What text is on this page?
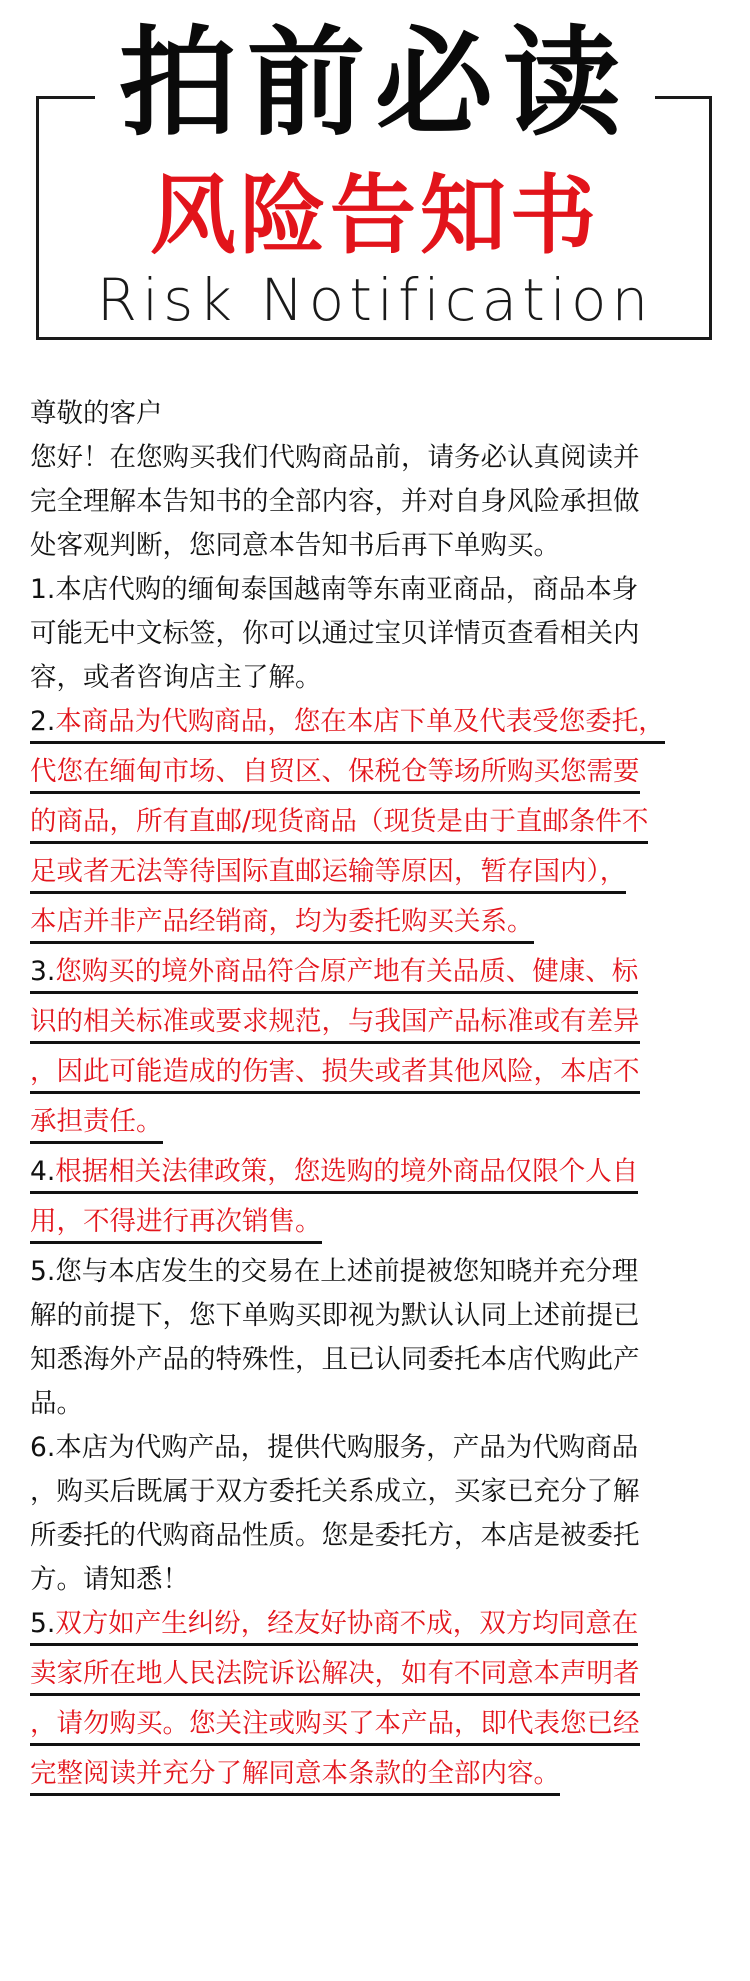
拍前必读
风险告知书
Risk Notification
尊敬的客户
您好！在您购买我们代购商品前，请务必认真阅读并
完全理解本告知书的全部内容，并对自身风险承担做
处客观判断，您同意本告知书后再下单购买。
1.本店代购的缅甸泰国越南等东南亚商品，商品本身
可能无中文标签，你可以通过宝贝详情页查看相关内
容，或者咨询店主了解。
2.本商品为代购商品，您在本店下单及代表受您委托，
代您在缅甸市场、自贸区、保税仓等场所购买您需要
的商品，所有直邮/现货商品（现货是由于直邮条件不
足或者无法等待国际直邮运输等原因，暂存国内），
本店并非产品经销商，均为委托购买关系。
3.您购买的境外商品符合原产地有关品质、健康、标
识的相关标准或要求规范，与我国产品标准或有差异
，因此可能造成的伤害、损失或者其他风险，本店不
承担责任。
4.根据相关法律政策，您选购的境外商品仅限个人自
用，不得进行再次销售。
5.您与本店发生的交易在上述前提被您知晓并充分理
解的前提下，您下单购买即视为默认认同上述前提已
知悉海外产品的特殊性，且已认同委托本店代购此产
品。
6.本店为代购产品，提供代购服务，产品为代购商品
，购买后既属于双方委托关系成立，买家已充分了解
所委托的代购商品性质。您是委托方，本店是被委托
方。请知悉！
5.双方如产生纠纷，经友好协商不成，双方均同意在
卖家所在地人民法院诉讼解决，如有不同意本声明者
，请勿购买。您关注或购买了本产品，即代表您已经
完整阅读并充分了解同意本条款的全部内容。
